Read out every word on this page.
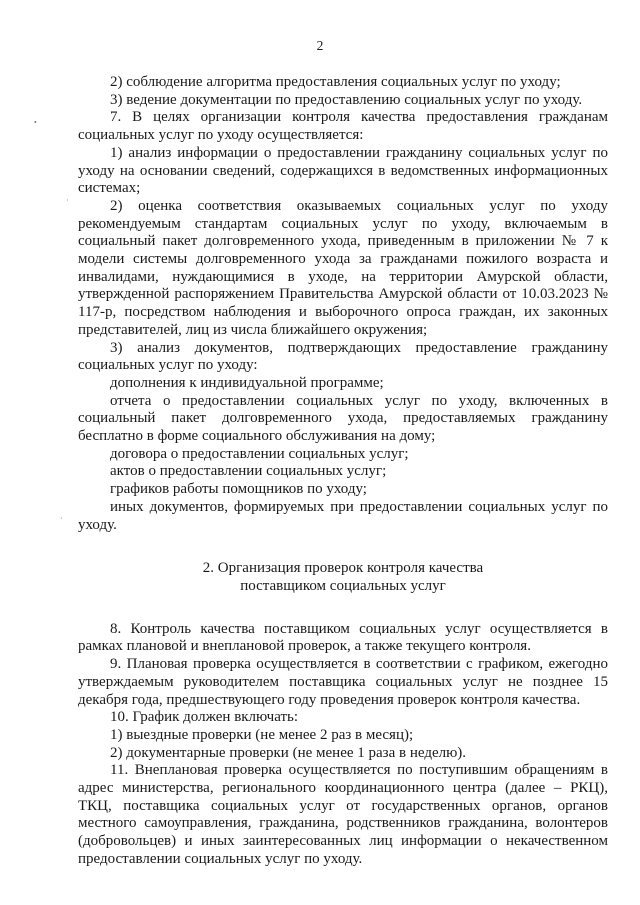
2
•
·
·

2) соблюдение алгоритма предоставления социальных услуг по уходу;

3) ведение документации по предоставлению социальных услуг по уходу.

7. В целях организации контроля качества предоставления гражданам социальных услуг по уходу осуществляется:

1) анализ информации о предоставлении гражданину социальных услуг по уходу на основании сведений, содержащихся в ведомственных информационных системах;

2) оценка соответствия оказываемых социальных услуг по уходу рекомендуемым стандартам социальных услуг по уходу, включаемым в социальный пакет долговременного ухода, приведенным в приложении № 7 к модели системы долговременного ухода за гражданами пожилого возраста и инвалидами, нуждающимися в уходе, на территории Амурской области, утвержденной распоряжением Правительства Амурской области от 10.03.2023 № 117-р, посредством наблюдения и выборочного опроса граждан, их законных представителей, лиц из числа ближайшего окружения;

3) анализ документов, подтверждающих предоставление гражданину социальных услуг по уходу:

дополнения к индивидуальной программе;

отчета о предоставлении социальных услуг по уходу, включенных в социальный пакет долговременного ухода, предоставляемых гражданину бесплатно в форме социального обслуживания на дому;

договора о предоставлении социальных услуг;

актов о предоставлении социальных услуг;

графиков работы помощников по уходу;

иных документов, формируемых при предоставлении социальных услуг по уходу.

2. Организация проверок контроля качества
поставщиком социальных услуг

8. Контроль качества поставщиком социальных услуг осуществляется в рамках плановой и внеплановой проверок, а также текущего контроля.

9. Плановая проверка осуществляется в соответствии с графиком, ежегодно утверждаемым руководителем поставщика социальных услуг не позднее 15 декабря года, предшествующего году проведения проверок контроля качества.

10. График должен включать:

1) выездные проверки (не менее 2 раз в месяц);

2) документарные проверки (не менее 1 раза в неделю).

11. Внеплановая проверка осуществляется по поступившим обращениям в адрес министерства, регионального координационного центра (далее – РКЦ), ТКЦ, поставщика социальных услуг от государственных органов, органов местного самоуправления, гражданина, родственников гражданина, волонтеров (добровольцев) и иных заинтересованных лиц информации о некачественном предоставлении социальных услуг по уходу.
